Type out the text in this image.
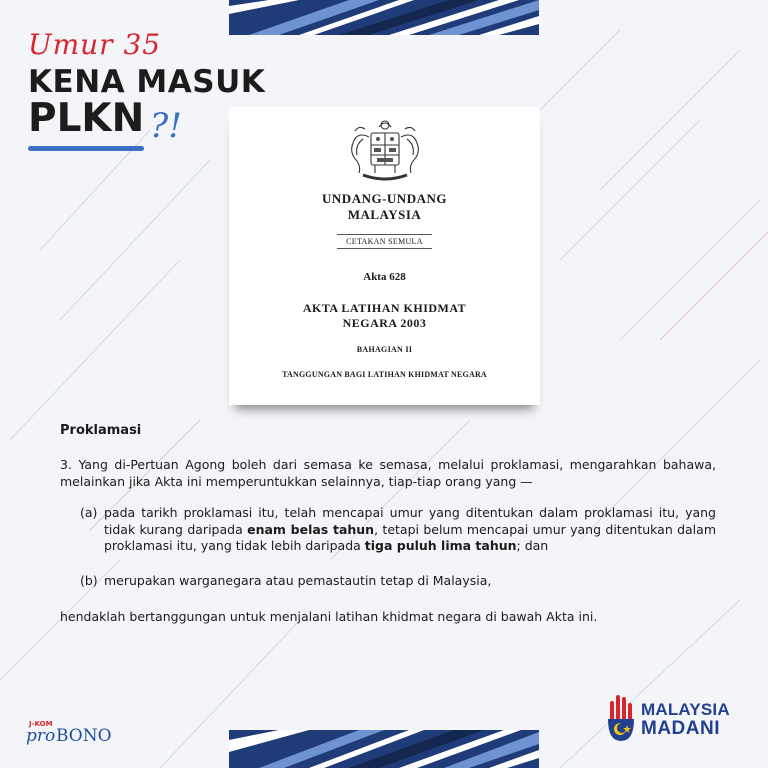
Umur 35
KENA MASUK
PLKN ?!
UNDANG-UNDANG
MALAYSIA
CETAKAN SEMULA
Akta 628
AKTA LATIHAN KHIDMAT
NEGARA 2003
BAHAGIAN II
TANGGUNGAN BAGI LATIHAN KHIDMAT NEGARA
Proklamasi

3. Yang di-Pertuan Agong boleh dari semasa ke semasa, melalui proklamasi, mengarahkan bahawa, melainkan jika Akta ini memperuntukkan selainnya, tiap-tiap orang yang —

(a) pada tarikh proklamasi itu, telah mencapai umur yang ditentukan dalam proklamasi itu, yang tidak kurang daripada enam belas tahun, tetapi belum mencapai umur yang ditentukan dalam proklamasi itu, yang tidak lebih daripada tiga puluh lima tahun; dan
(b) merupakan warganegara atau pemastautin tetap di Malaysia,

hendaklah bertanggungan untuk menjalani latihan khidmat negara di bawah Akta ini.

J-KOM
pro BONO
MALAYSIA
MADANI
